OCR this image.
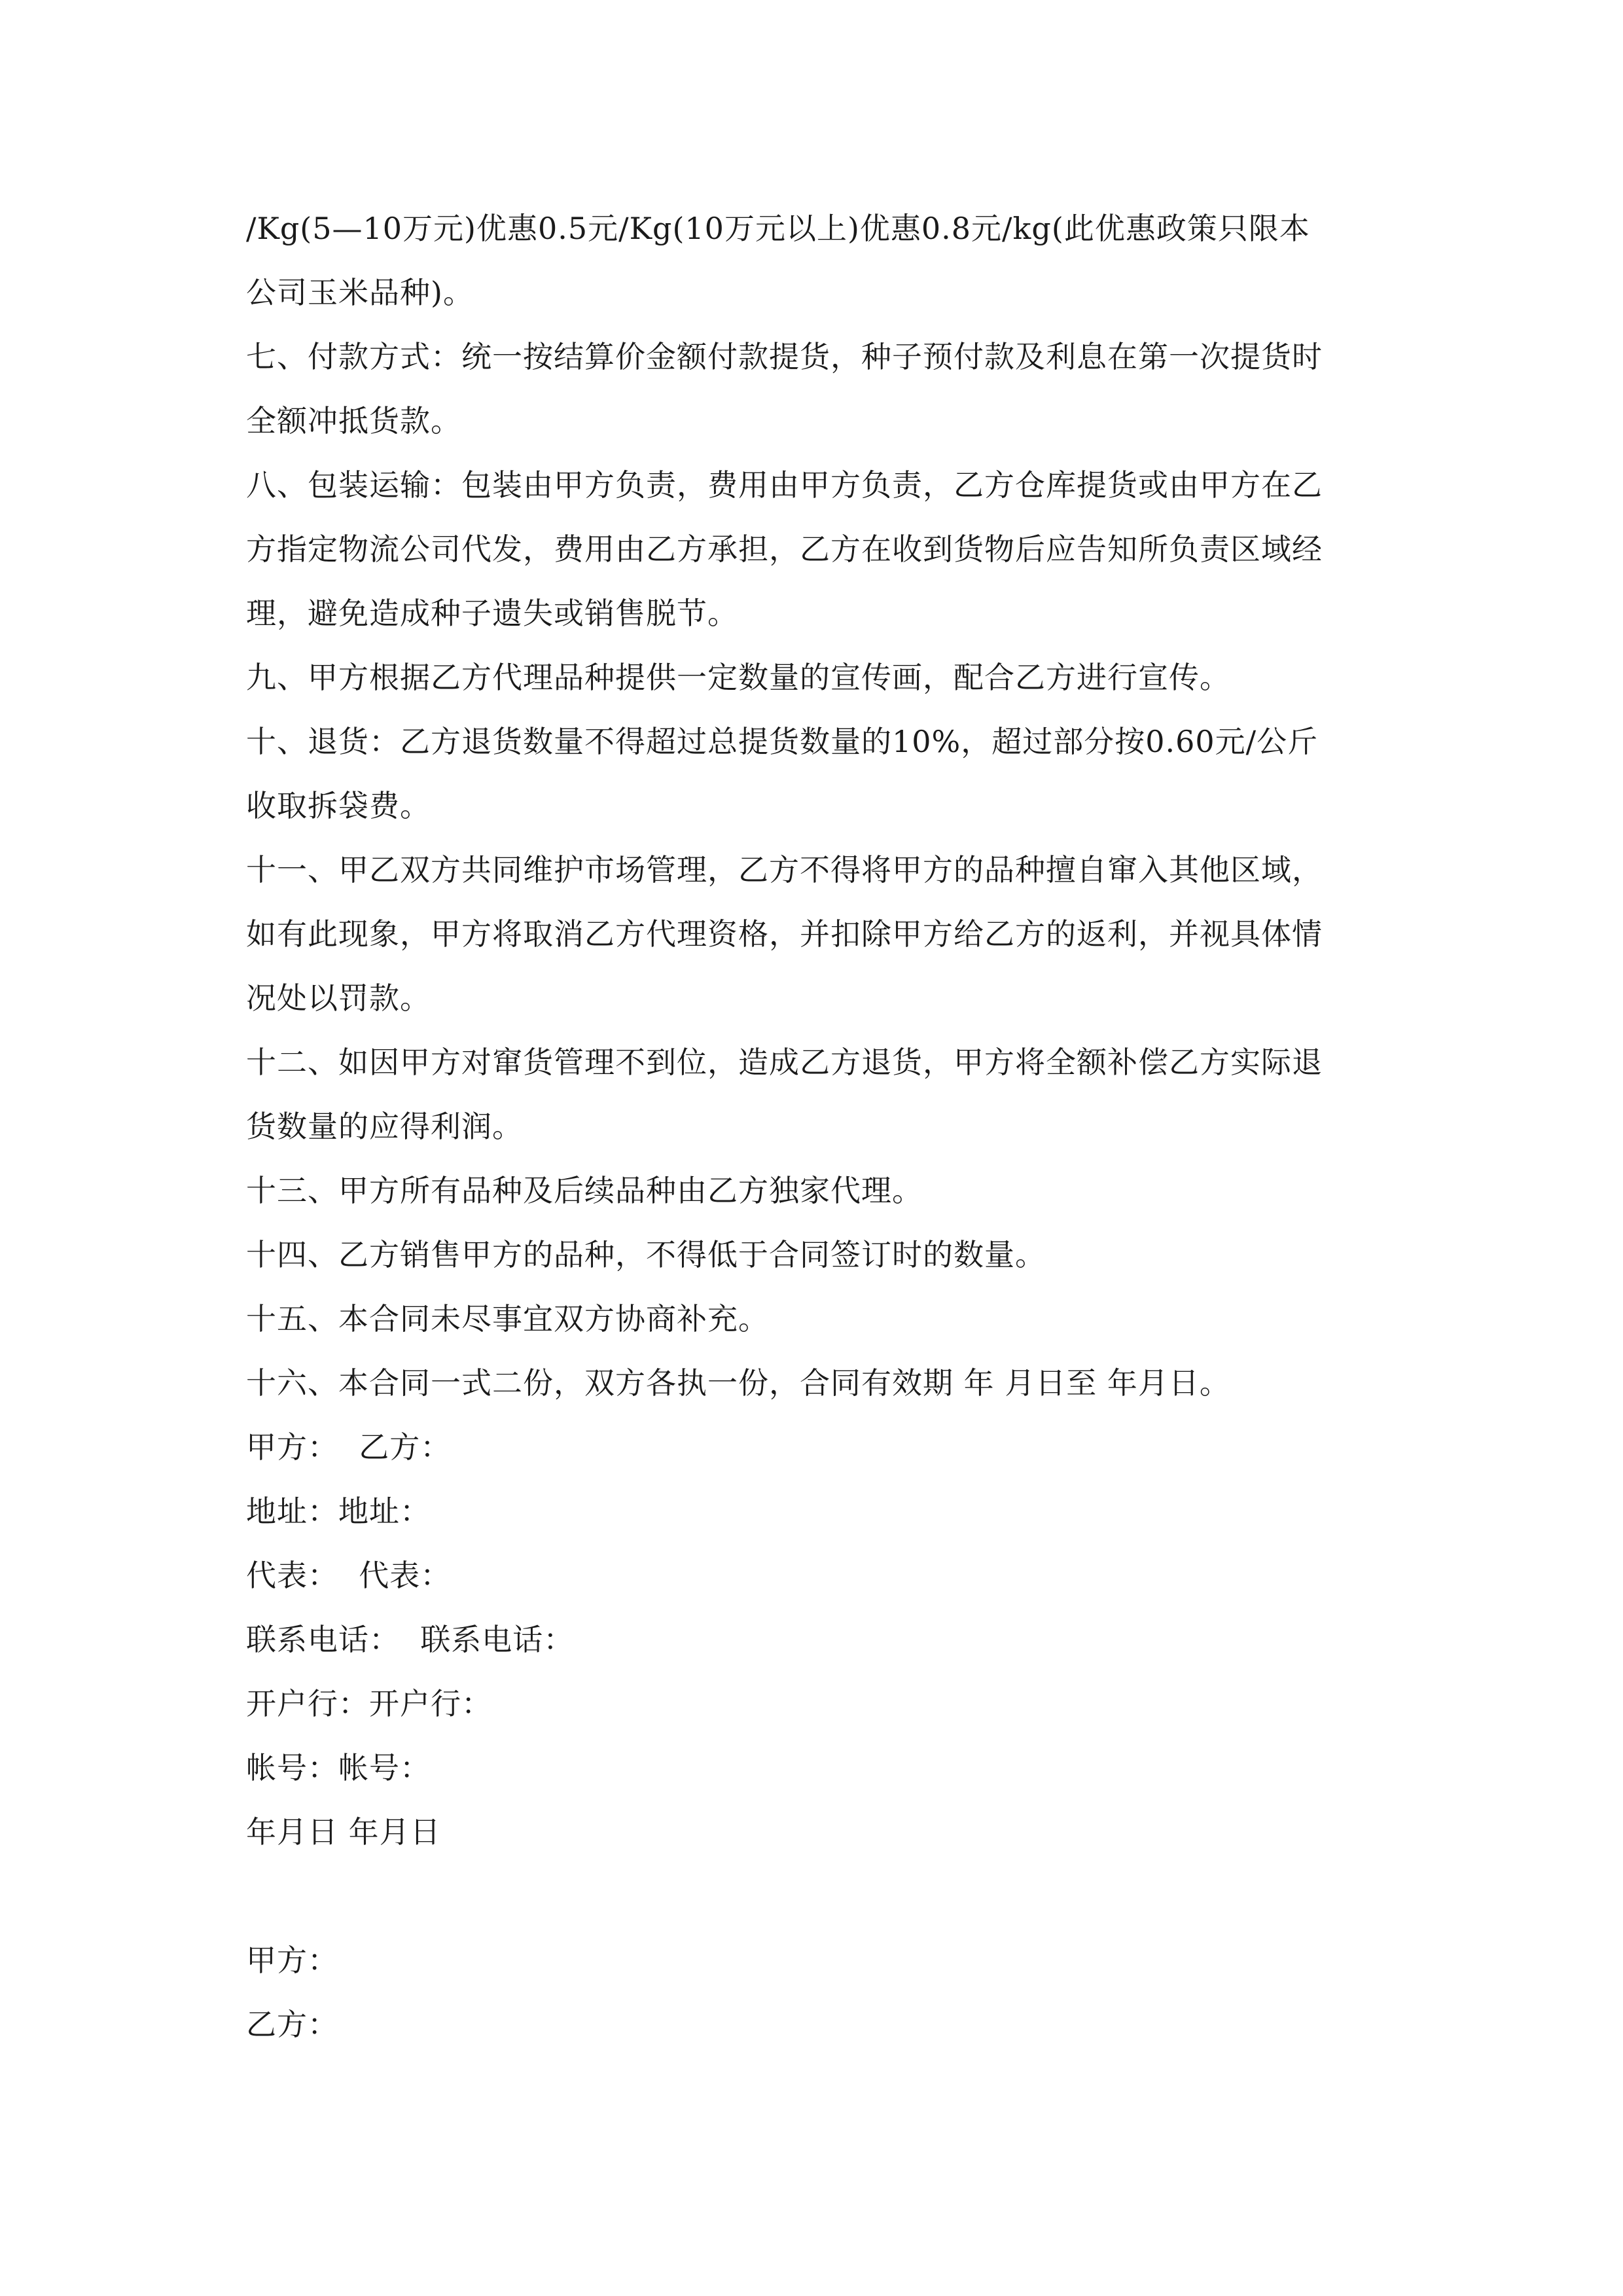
/Kg(5—10万元)优惠0.5元/Kg(10万元以上)优惠0.8元/kg(此优惠政策只限本
公司玉米品种)。
七、付款方式：统一按结算价金额付款提货，种子预付款及利息在第一次提货时
全额冲抵货款。
八、包装运输：包装由甲方负责，费用由甲方负责，乙方仓库提货或由甲方在乙
方指定物流公司代发，费用由乙方承担，乙方在收到货物后应告知所负责区域经
理，避免造成种子遗失或销售脱节。
九、甲方根据乙方代理品种提供一定数量的宣传画，配合乙方进行宣传。
十、退货：乙方退货数量不得超过总提货数量的10%，超过部分按0.60元/公斤
收取拆袋费。
十一、甲乙双方共同维护市场管理，乙方不得将甲方的品种擅自窜入其他区域，
如有此现象，甲方将取消乙方代理资格，并扣除甲方给乙方的返利，并视具体情
况处以罚款。
十二、如因甲方对窜货管理不到位，造成乙方退货，甲方将全额补偿乙方实际退
货数量的应得利润。
十三、甲方所有品种及后续品种由乙方独家代理。
十四、乙方销售甲方的品种，不得低于合同签订时的数量。
十五、本合同未尽事宜双方协商补充。
十六、本合同一式二份，双方各执一份，合同有效期 年 月日至 年月日。

甲方：  乙方：

地址：地址：

代表：  代表：

联系电话：  联系电话：

开户行：开户行：

帐号：帐号：

年月日 年月日

甲方：

乙方：
